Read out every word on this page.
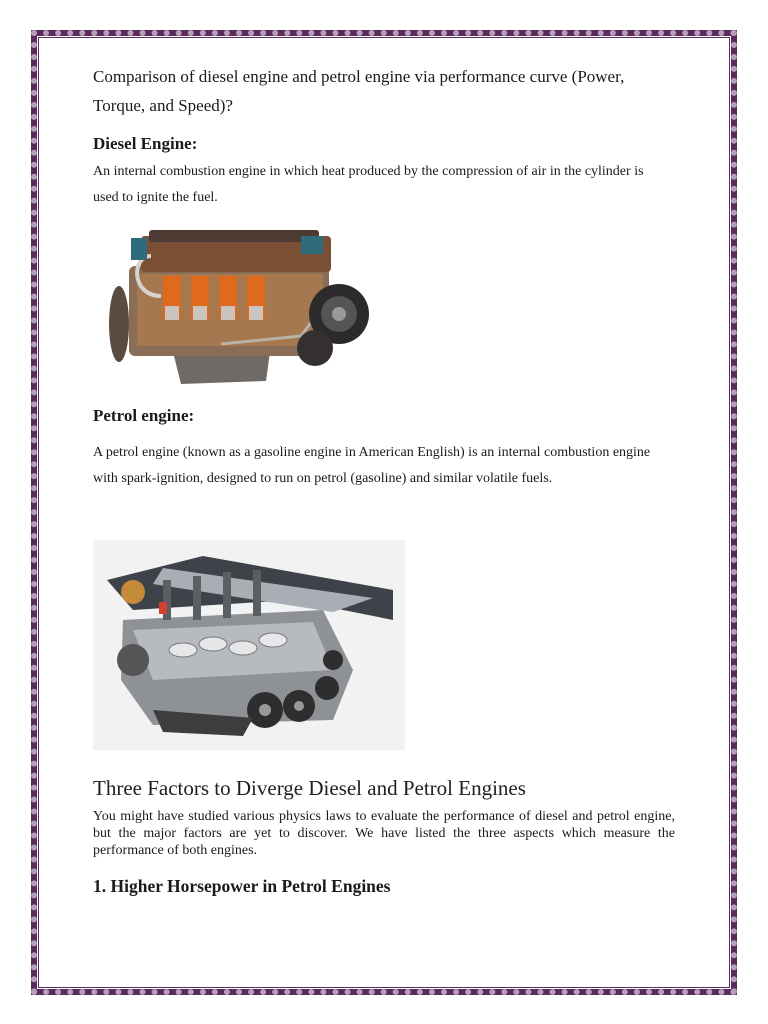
Comparison of diesel engine and petrol engine via performance curve (Power, Torque, and Speed)?

Diesel Engine:

An internal combustion engine in which heat produced by the compression of air in the cylinder is used to ignite the fuel.

Petrol engine:

A petrol engine (known as a gasoline engine in American English) is an internal combustion engine with spark-ignition, designed to run on petrol (gasoline) and similar volatile fuels.

Three Factors to Diverge Diesel and Petrol Engines

You might have studied various physics laws to evaluate the performance of diesel and petrol engine, but the major factors are yet to discover. We have listed the three aspects which measure the performance of both engines.

1. Higher Horsepower in Petrol Engines
